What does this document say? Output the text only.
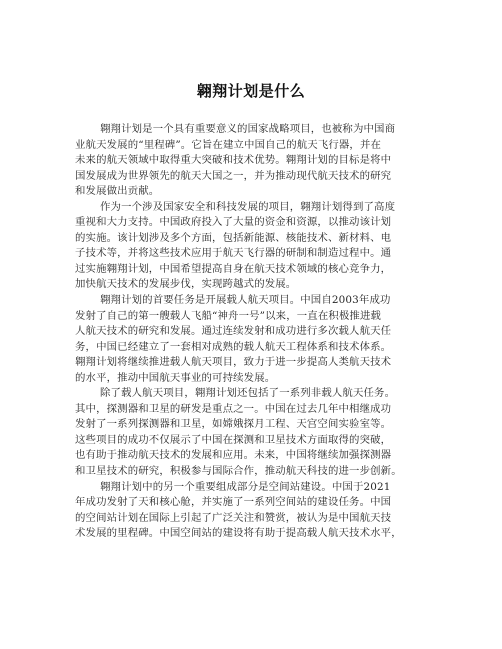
翱翔计划是什么
翱翔计划是一个具有重要意义的国家战略项目，也被称为中国商
业航天发展的“里程碑”。它旨在建立中国自己的航天飞行器，并在
未来的航天领域中取得重大突破和技术优势。翱翔计划的目标是将中
国发展成为世界领先的航天大国之一，并为推动现代航天技术的研究
和发展做出贡献。
作为一个涉及国家安全和科技发展的项目，翱翔计划得到了高度
重视和大力支持。中国政府投入了大量的资金和资源，以推动该计划
的实施。该计划涉及多个方面，包括新能源、核能技术、新材料、电
子技术等，并将这些技术应用于航天飞行器的研制和制造过程中。通
过实施翱翔计划，中国希望提高自身在航天技术领域的核心竞争力，
加快航天技术的发展步伐，实现跨越式的发展。
翱翔计划的首要任务是开展载人航天项目。中国自2003年成功
发射了自己的第一艘载人飞船“神舟一号”以来，一直在积极推进载
人航天技术的研究和发展。通过连续发射和成功进行多次载人航天任
务，中国已经建立了一套相对成熟的载人航天工程体系和技术体系。
翱翔计划将继续推进载人航天项目，致力于进一步提高人类航天技术
的水平，推动中国航天事业的可持续发展。
除了载人航天项目，翱翔计划还包括了一系列非载人航天任务。
其中，探测器和卫星的研发是重点之一。中国在过去几年中相继成功
发射了一系列探测器和卫星，如嫦娥探月工程、天宫空间实验室等。
这些项目的成功不仅展示了中国在探测和卫星技术方面取得的突破，
也有助于推动航天技术的发展和应用。未来，中国将继续加强探测器
和卫星技术的研究，积极参与国际合作，推动航天科技的进一步创新。
翱翔计划中的另一个重要组成部分是空间站建设。中国于2021
年成功发射了天和核心舱，并实施了一系列空间站的建设任务。中国
的空间站计划在国际上引起了广泛关注和赞赏，被认为是中国航天技
术发展的里程碑。中国空间站的建设将有助于提高载人航天技术水平，
